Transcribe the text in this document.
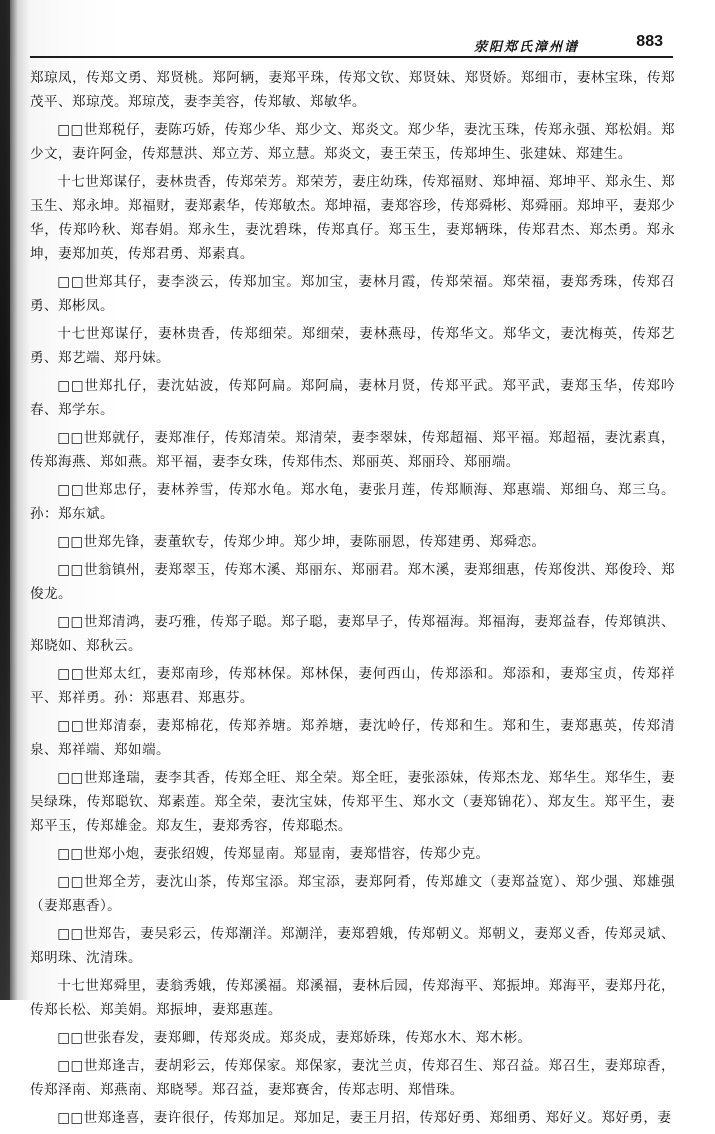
荥阳郑氏漳州谱	883

郑琼凤，传郑文勇、郑贤桃。郑阿辆，妻郑平珠，传郑文钦、郑贤妹、郑贤娇。郑细市，妻林宝珠，传郑茂平、郑琼茂。郑琼茂，妻李美容，传郑敏、郑敏华。

□□世郑税仔，妻陈巧娇，传郑少华、郑少文、郑炎文。郑少华，妻沈玉珠，传郑永强、郑松娟。郑少文，妻许阿金，传郑慧洪、郑立芳、郑立慧。郑炎文，妻王荣玉，传郑坤生、张建妹、郑建生。

十七世郑谋仔，妻林贵香，传郑荣芳。郑荣芳，妻庄幼珠，传郑福财、郑坤福、郑坤平、郑永生、郑玉生、郑永坤。郑福财，妻郑素华，传郑敏杰。郑坤福，妻郑容珍，传郑舜彬、郑舜丽。郑坤平，妻郑少华，传郑吟秋、郑春娟。郑永生，妻沈碧珠，传郑真仔。郑玉生，妻郑辆珠，传郑君杰、郑杰勇。郑永坤，妻郑加英，传郑君勇、郑素真。

□□世郑其仔，妻李淡云，传郑加宝。郑加宝，妻林月霞，传郑荣福。郑荣福，妻郑秀珠，传郑召勇、郑彬凤。

十七世郑谋仔，妻林贵香，传郑细荣。郑细荣，妻林燕母，传郑华文。郑华文，妻沈梅英，传郑艺勇、郑艺端、郑丹妹。

□□世郑扎仔，妻沈姑波，传郑阿扁。郑阿扁，妻林月贤，传郑平武。郑平武，妻郑玉华，传郑吟春、郑学东。

□□世郑就仔，妻郑准仔，传郑清荣。郑清荣，妻李翠妹，传郑超福、郑平福。郑超福，妻沈素真，传郑海燕、郑如燕。郑平福，妻李女珠，传郑伟杰、郑丽英、郑丽玲、郑丽端。

□□世郑忠仔，妻林养雪，传郑水龟。郑水龟，妻张月莲，传郑顺海、郑惠端、郑细乌、郑三乌。孙：郑东斌。

□□世郑先锋，妻董软专，传郑少坤。郑少坤，妻陈丽恩，传郑建勇、郑舜恋。

□□世翁镇州，妻郑翠玉，传郑木溪、郑丽东、郑丽君。郑木溪，妻郑细惠，传郑俊洪、郑俊玲、郑俊龙。

□□世郑清鸿，妻巧雅，传郑子聪。郑子聪，妻郑早子，传郑福海。郑福海，妻郑益春，传郑镇洪、郑晓如、郑秋云。

□□世郑太红，妻郑南珍，传郑林保。郑林保，妻何西山，传郑添和。郑添和，妻郑宝贞，传郑祥平、郑祥勇。孙：郑惠君、郑惠芬。

□□世郑清泰，妻郑棉花，传郑养塘。郑养塘，妻沈岭仔，传郑和生。郑和生，妻郑惠英，传郑清泉、郑祥端、郑如端。

□□世郑逢瑞，妻李其香，传郑全旺、郑全荣。郑全旺，妻张添妹，传郑杰龙、郑华生。郑华生，妻吴绿珠，传郑聪钦、郑素莲。郑全荣，妻沈宝妹，传郑平生、郑水文（妻郑锦花）、郑友生。郑平生，妻郑平玉，传郑雄金。郑友生，妻郑秀容，传郑聪杰。

□□世郑小炮，妻张绍嫂，传郑显南。郑显南，妻郑惜容，传郑少克。

□□世郑全芳，妻沈山茶，传郑宝添。郑宝添，妻郑阿肴，传郑雄文（妻郑益宽）、郑少强、郑雄强（妻郑惠香）。

□□世郑告，妻吴彩云，传郑潮洋。郑潮洋，妻郑碧娥，传郑朝义。郑朝义，妻郑义香，传郑灵斌、郑明珠、沈清珠。

十七世郑舜里，妻翁秀娥，传郑溪福。郑溪福，妻林后园，传郑海平、郑振坤。郑海平，妻郑丹花，传郑长松、郑美娟。郑振坤，妻郑惠莲。

□□世张春发，妻郑卿，传郑炎成。郑炎成，妻郑娇珠，传郑水木、郑木彬。

□□世郑逢吉，妻胡彩云，传郑保家。郑保家，妻沈兰贞，传郑召生、郑召益。郑召生，妻郑琼香，传郑泽南、郑燕南、郑晓琴。郑召益，妻郑赛舍，传郑志明、郑惜珠。

□□世郑逢喜，妻许很仔，传郑加足。郑加足，妻王月招，传郑好勇、郑细勇、郑好义。郑好勇，妻
